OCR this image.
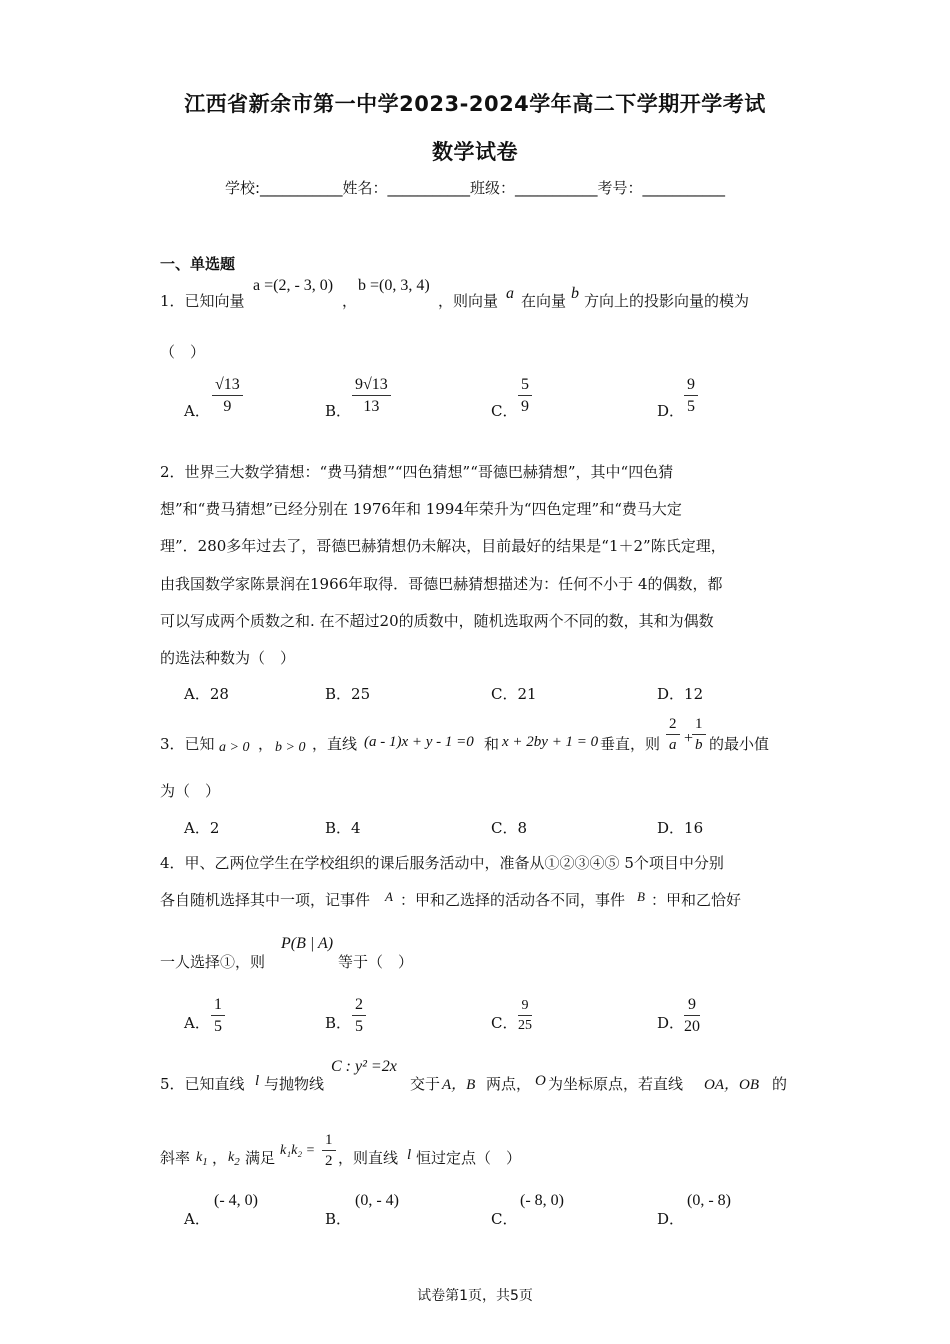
江西省新余市第一中学2023-2024学年高二下学期开学考试
数学试卷
学校:___________姓名：___________班级：___________考号：___________
一、单选题
1．已知向量
a =(2, - 3, 0)
，
b =(0, 3, 4)
，则向量 a 在向量 b 方向上的投影向量的模为
（　）
A． $\frac{√13}{9}$	B． $\frac{9√13}{13}$	C． $\frac{5}{9}$	D． $\frac{9}{5}$
2．世界三大数学猜想：“费马猜想”“四色猜想”“哥德巴赫猜想”，其中“四色猜
想”和“费马猜想”已经分别在 1976年和 1994年荣升为“四色定理”和“费马大定
理”．280多年过去了，哥德巴赫猜想仍未解决，目前最好的结果是“1＋2”陈氏定理，
由我国数学家陈景润在1966年取得．哥德巴赫猜想描述为：任何不小于 4的偶数，都
可以写成两个质数之和. 在不超过20的质数中，随机选取两个不同的数，其和为偶数
的选法种数为（　）
A．28	B．25	C．21	D．12
3．已知 a > 0 ， b > 0 ，直线 (a - 1)x + y - 1 =0 和 x + 2by + 1 = 0 垂直，则 $\frac{2}{a}$ +
$\frac{1}{b}$ 的最小值
为（　）
A．2	B．4	C．8	D．16
4．甲、乙两位学生在学校组织的课后服务活动中，准备从①②③④⑤ 5个项目中分别
各自随机选择其中一项，记事件 A ：甲和乙选择的活动各不同，事件 B ：甲和乙恰好
一人选择①，则
P(B | A)
等于（　）
A． $\frac{1}{5}$	B． $\frac{2}{5}$	C． $\frac{9}{25}$	D． $\frac{9}{20}$
5．已知直线 l 与抛物线
C : y² =2x
交于 A，B 两点， O 为坐标原点，若直线 OA，OB 的
斜率 $k_1$ ， $k_2$ 满足 $k_1k_2 = \frac{1}{2}$ ，则直线 l 恒过定点（　）
A．
(- 4, 0)
B．
(0, - 4)
C．
(- 8, 0)
D．
(0, - 8)
试卷第1页，共5页
